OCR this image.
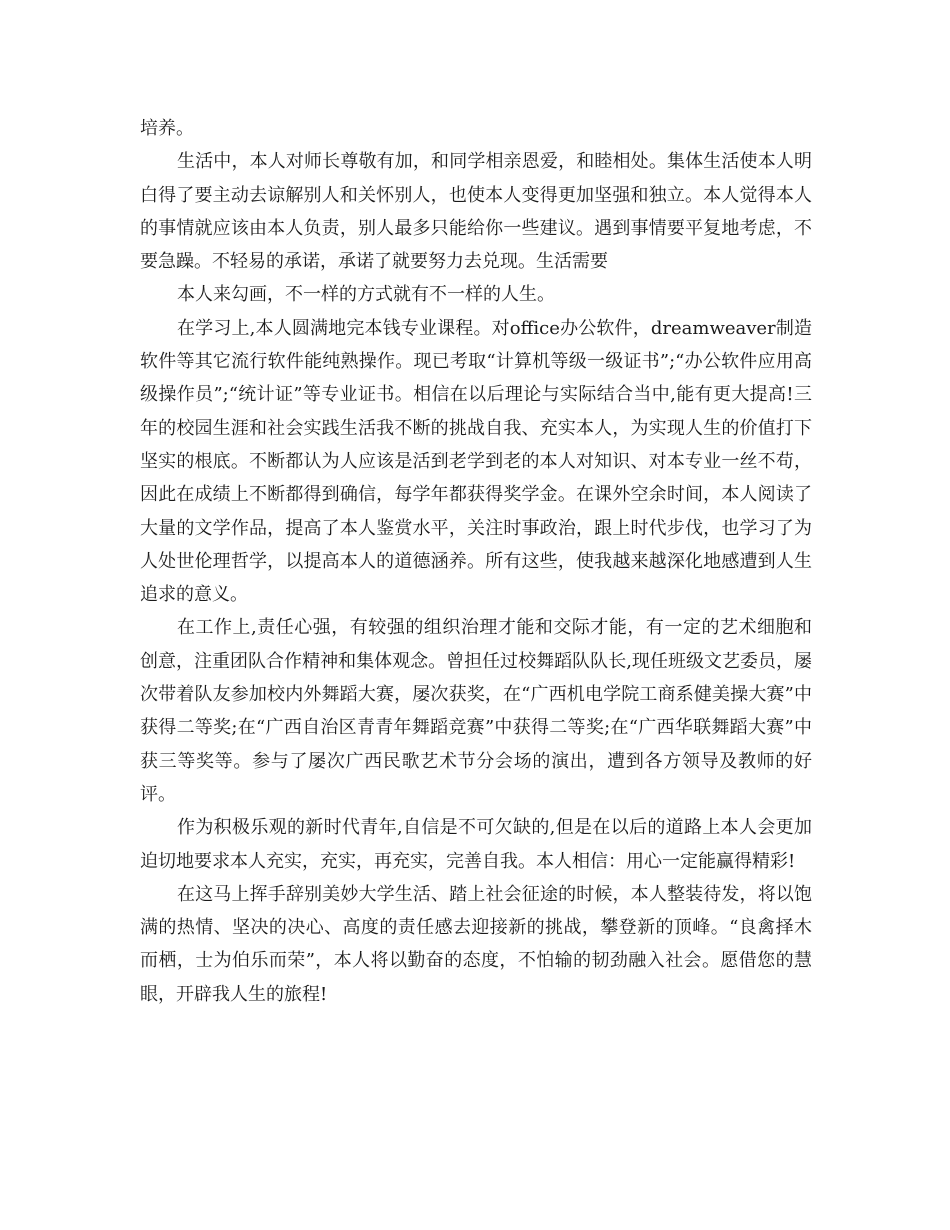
培养。

生活中，本人对师长尊敬有加，和同学相亲恩爱，和睦相处。集体生活使本人明白得了要主动去谅解别人和关怀别人，也使本人变得更加坚强和独立。本人觉得本人的事情就应该由本人负责，别人最多只能给你一些建议。遇到事情要平复地考虑，不要急躁。不轻易的承诺，承诺了就要努力去兑现。生活需要

本人来勾画，不一样的方式就有不一样的人生。

在学习上,本人圆满地完本钱专业课程。对office办公软件，dreamweaver制造软件等其它流行软件能纯熟操作。现已考取“计算机等级一级证书”;“办公软件应用高级操作员”;“统计证”等专业证书。相信在以后理论与实际结合当中,能有更大提高!三年的校园生涯和社会实践生活我不断的挑战自我、充实本人，为实现人生的价值打下坚实的根底。不断都认为人应该是活到老学到老的本人对知识、对本专业一丝不苟，因此在成绩上不断都得到确信，每学年都获得奖学金。在课外空余时间，本人阅读了大量的文学作品，提高了本人鉴赏水平，关注时事政治，跟上时代步伐，也学习了为人处世伦理哲学，以提高本人的道德涵养。所有这些，使我越来越深化地感遭到人生追求的意义。

在工作上,责任心强，有较强的组织治理才能和交际才能，有一定的艺术细胞和创意，注重团队合作精神和集体观念。曾担任过校舞蹈队队长,现任班级文艺委员，屡次带着队友参加校内外舞蹈大赛，屡次获奖，在“广西机电学院工商系健美操大赛”中获得二等奖;在“广西自治区青青年舞蹈竞赛”中获得二等奖;在“广西华联舞蹈大赛”中获三等奖等。参与了屡次广西民歌艺术节分会场的演出，遭到各方领导及教师的好评。

作为积极乐观的新时代青年,自信是不可欠缺的,但是在以后的道路上本人会更加迫切地要求本人充实，充实，再充实，完善自我。本人相信：用心一定能赢得精彩!

在这马上挥手辞别美妙大学生活、踏上社会征途的时候，本人整装待发，将以饱满的热情、坚决的决心、高度的责任感去迎接新的挑战，攀登新的顶峰。“良禽择木而栖，士为伯乐而荣”，本人将以勤奋的态度，不怕输的韧劲融入社会。愿借您的慧眼，开辟我人生的旅程!
